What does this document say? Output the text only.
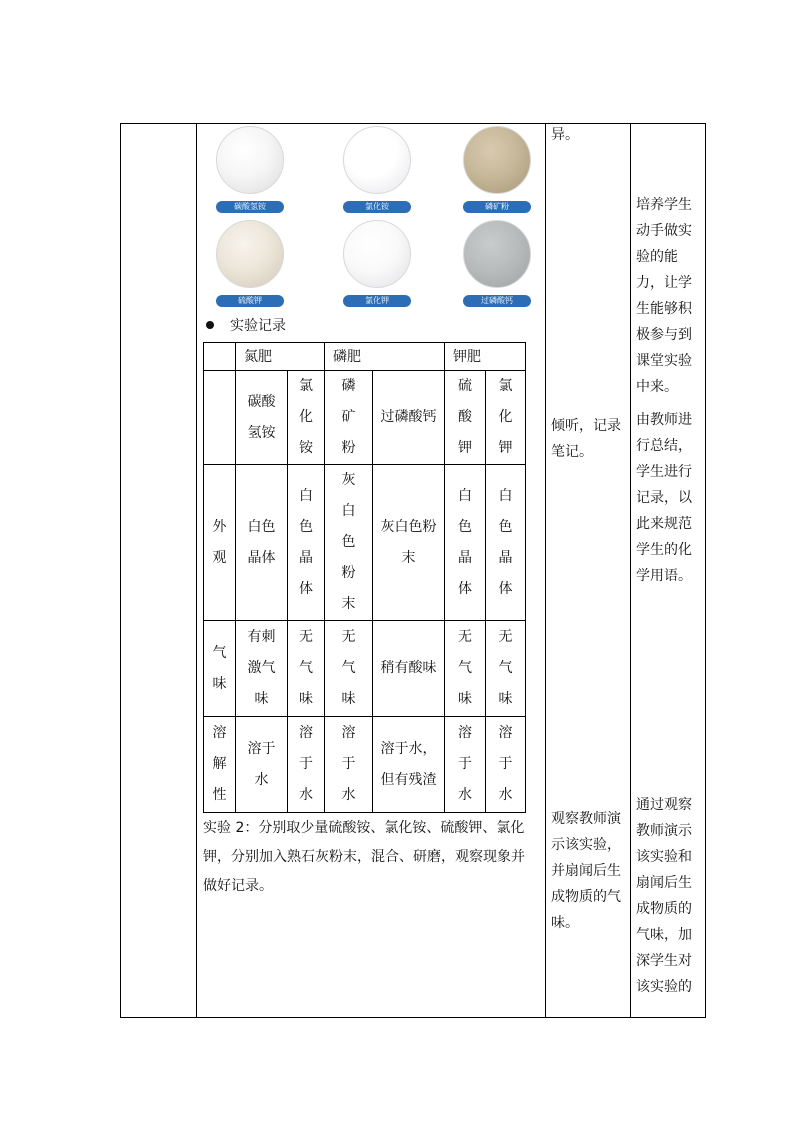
碳酸氢铵	氯化铵	磷矿粉
硫酸钾	氯化钾	过磷酸钙
实验记录
	氮肥		磷肥		钾肥	
	碳酸氢铵	氯化铵	磷矿粉	过磷酸钙	硫酸钾	氯化钾
外观	白色晶体	白色晶体	灰白色粉末	灰白色粉末	白色晶体	白色晶体
气味	有刺激气味	无气味	无气味	稍有酸味	无气味	无气味
溶解性	溶于水	溶于水	溶于水	溶于水，但有残渣	溶于水	溶于水
实验 2：分别取少量硫酸铵、氯化铵、硫酸钾、氯化钾，分别加入熟石灰粉末，混合、研磨，观察现象并做好记录。
异。
倾听，记录笔记。
观察教师演示该实验，并扇闻后生成物质的气味。
培养学生动手做实验的能力，让学生能够积极参与到课堂实验中来。
由教师进行总结，学生进行记录，以此来规范学生的化学用语。
通过观察教师演示该实验和扇闻后生成物质的气味，加深学生对该实验的
